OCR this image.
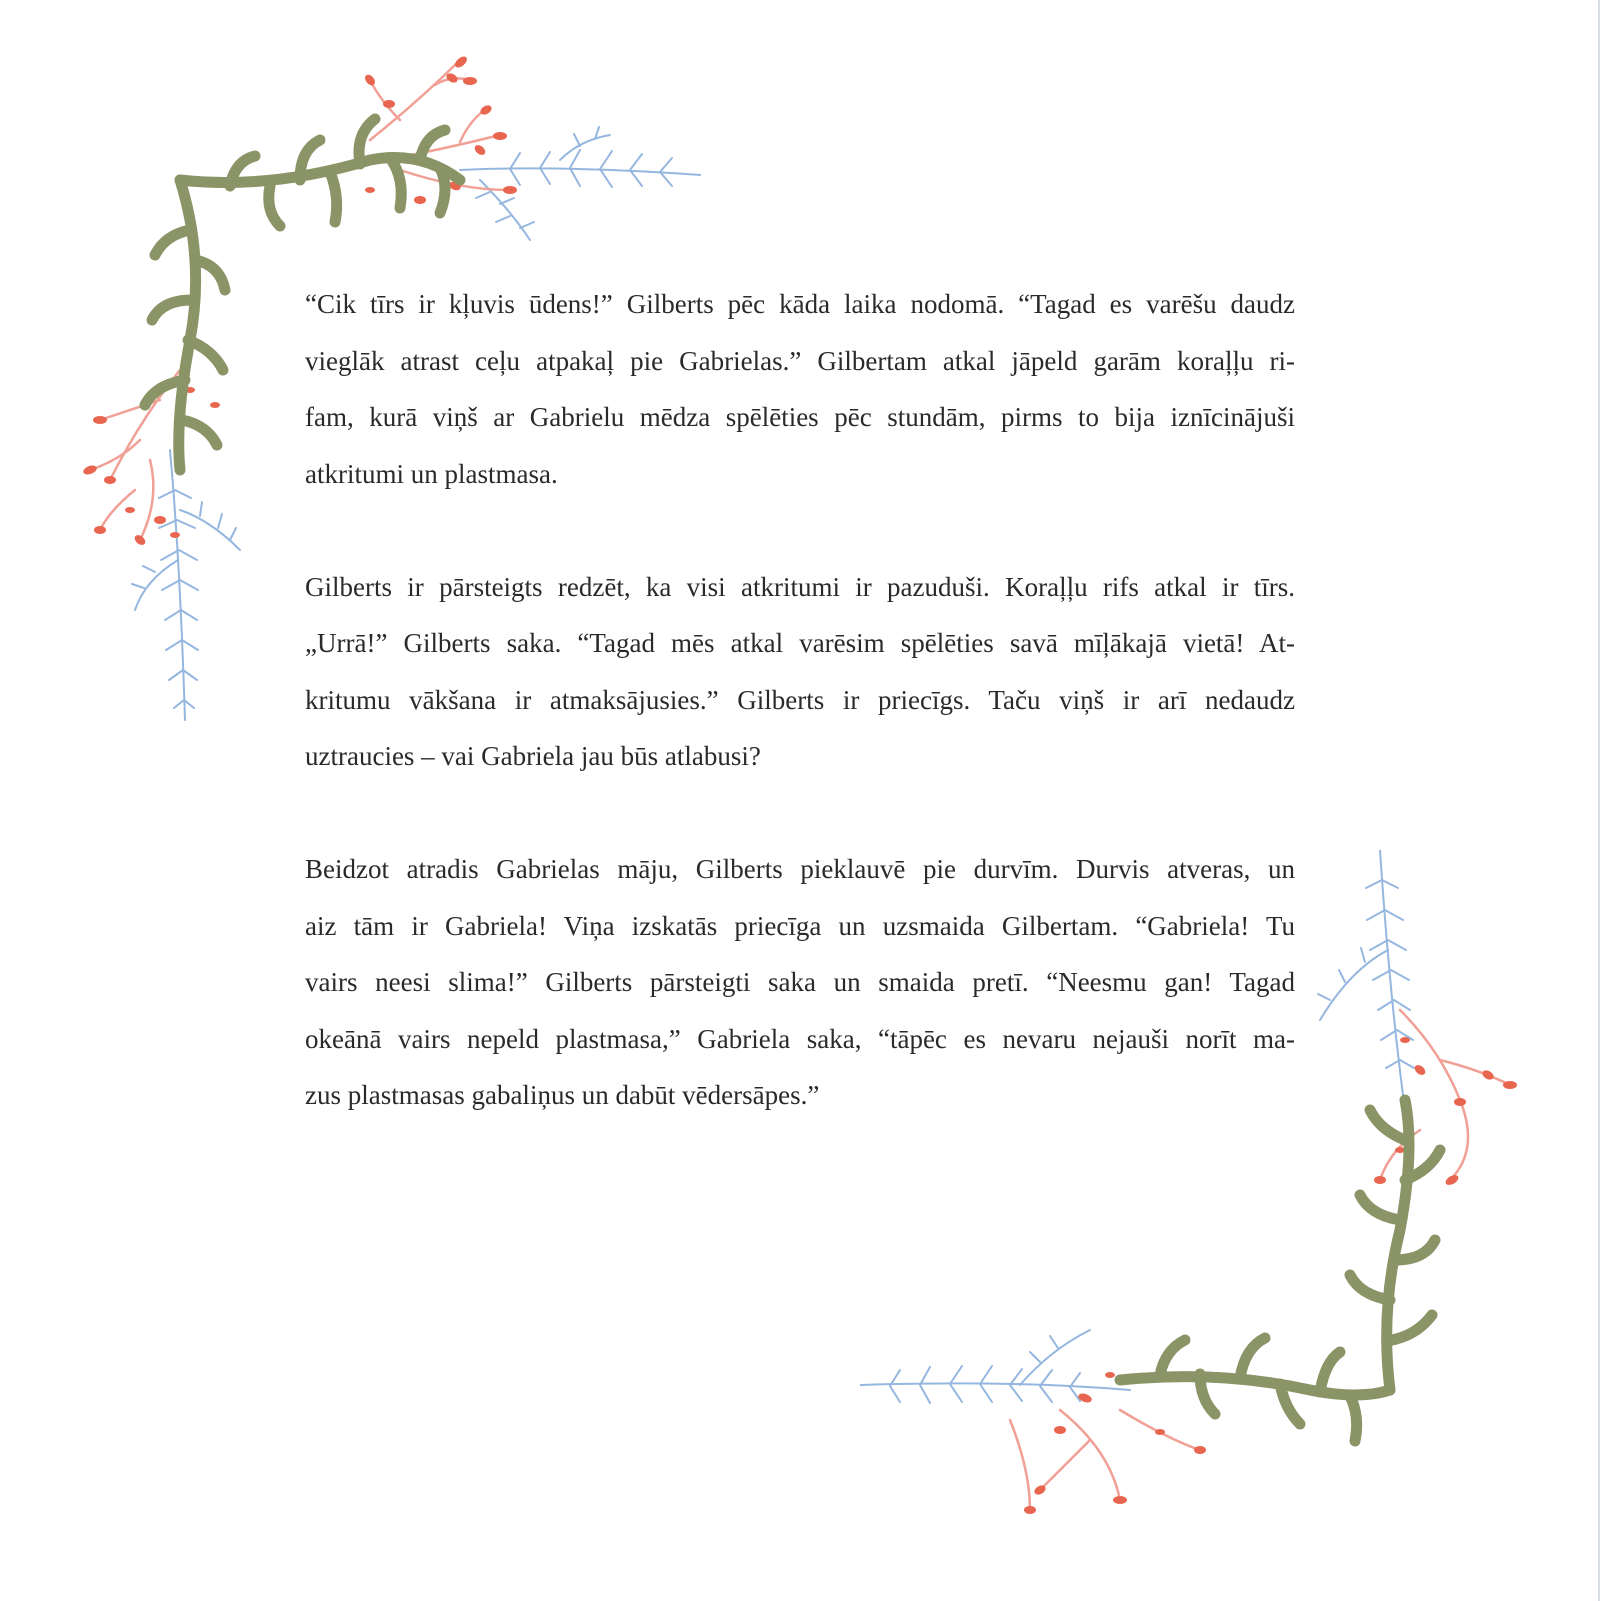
“Cik tīrs ir kļuvis ūdens!” Gilberts pēc kāda laika nodomā. “Tagad es varēšu daudz
vieglāk atrast ceļu atpakaļ pie Gabrielas.” Gilbertam atkal jāpeld garām koraļļu ri-
fam, kurā viņš ar Gabrielu mēdza spēlēties pēc stundām, pirms to bija iznīcinājuši
atkritumi un plastmasa.

Gilberts ir pārsteigts redzēt, ka visi atkritumi ir pazuduši. Koraļļu rifs atkal ir tīrs.
„Urrā!” Gilberts saka. “Tagad mēs atkal varēsim spēlēties savā mīļākajā vietā! At-
kritumu vākšana ir atmaksājusies.” Gilberts ir priecīgs. Taču viņš ir arī nedaudz
uztraucies – vai Gabriela jau būs atlabusi?

Beidzot atradis Gabrielas māju, Gilberts pieklauvē pie durvīm. Durvis atveras, un
aiz tām ir Gabriela! Viņa izskatās priecīga un uzsmaida Gilbertam. “Gabriela! Tu
vairs neesi slima!” Gilberts pārsteigti saka un smaida pretī. “Neesmu gan! Tagad
okeānā vairs nepeld plastmasa,” Gabriela saka, “tāpēc es nevaru nejauši norīt ma-
zus plastmasas gabaliņus un dabūt vēdersāpes.”
